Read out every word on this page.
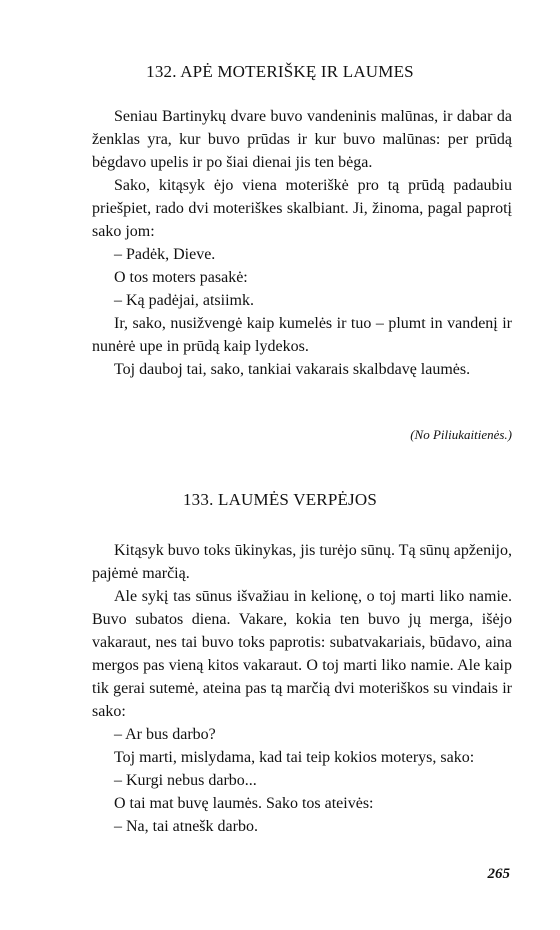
132. APĖ MOTERIŠKĘ IR LAUMES

Seniau Bartinykų dvare buvo vandeninis malūnas, ir dabar da ženklas yra, kur buvo prūdas ir kur buvo malūnas: per prūdą bėgdavo upelis ir po šiai dienai jis ten bėga.

Sako, kitąsyk ėjo viena moteriškė pro tą prūdą padaubiu priešpiet, rado dvi moteriškes skalbiant. Ji, žinoma, pagal paprotį sako jom:

– Padėk, Dieve.

O tos moters pasakė:

– Ką padėjai, atsiimk.

Ir, sako, nusižvengė kaip kumelės ir tuo – plumt in vandenį ir nunėrė upe in prūdą kaip lydekos.

Toj dauboj tai, sako, tankiai vakarais skalbdavę laumės.

(No Piliukaitienės.)
133. LAUMĖS VERPĖJOS

Kitąsyk buvo toks ūkinykas, jis turėjo sūnų. Tą sūnų apženijo, pajėmė marčią.

Ale sykį tas sūnus išvažiau in kelionę, o toj marti liko namie. Buvo subatos diena. Vakare, kokia ten buvo jų merga, išėjo vakaraut, nes tai buvo toks paprotis: subatvakariais, būdavo, aina mergos pas vieną kitos vakaraut. O toj marti liko namie. Ale kaip tik gerai sutemė, ateina pas tą marčią dvi moteriškos su vindais ir sako:

– Ar bus darbo?

Toj marti, mislydama, kad tai teip kokios moterys, sako:

– Kurgi nebus darbo...

O tai mat buvę laumės. Sako tos ateivės:

– Na, tai atnešk darbo.

265
